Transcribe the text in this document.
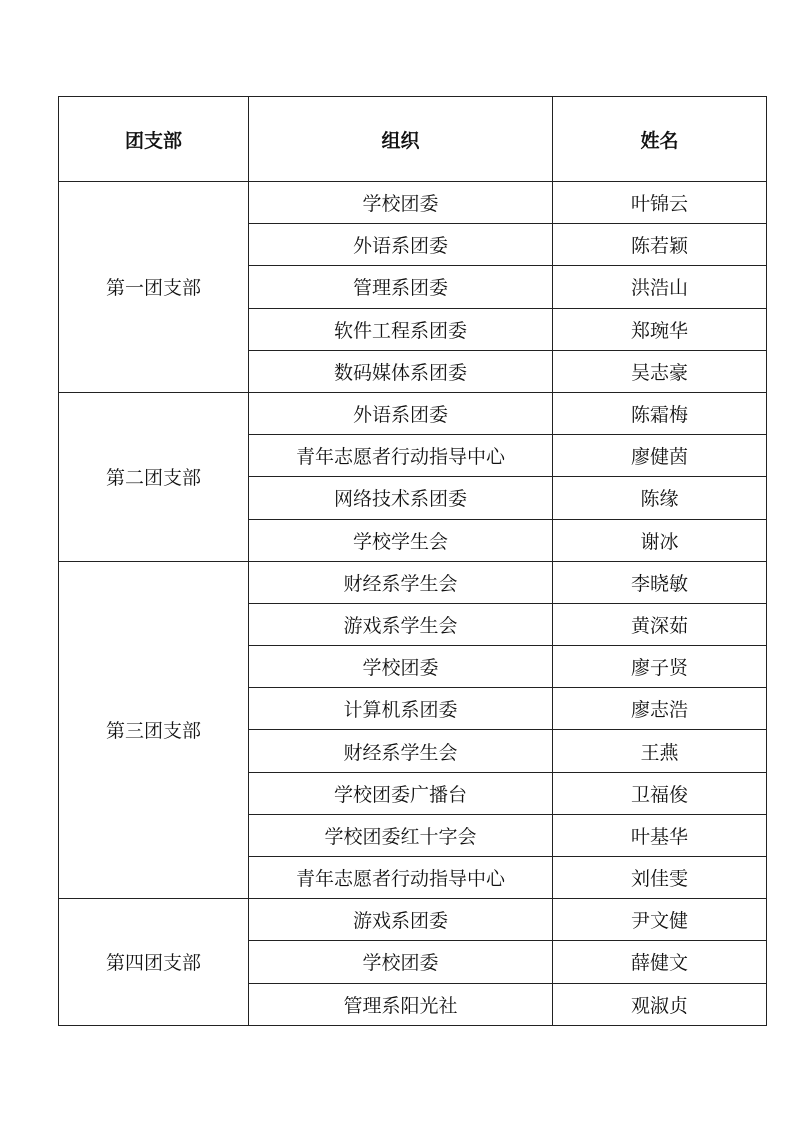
团支部	组织	姓名
第一团支部	学校团委	叶锦云
	外语系团委	陈若颖
	管理系团委	洪浩山
	软件工程系团委	郑琬华
	数码媒体系团委	吴志豪
第二团支部	外语系团委	陈霜梅
	青年志愿者行动指导中心	廖健茵
	网络技术系团委	陈缘
	学校学生会	谢冰
第三团支部	财经系学生会	李晓敏
	游戏系学生会	黄深茹
	学校团委	廖子贤
	计算机系团委	廖志浩
	财经系学生会	王燕
	学校团委广播台	卫福俊
	学校团委红十字会	叶基华
	青年志愿者行动指导中心	刘佳雯
第四团支部	游戏系团委	尹文健
	学校团委	薛健文
	管理系阳光社	观淑贞
